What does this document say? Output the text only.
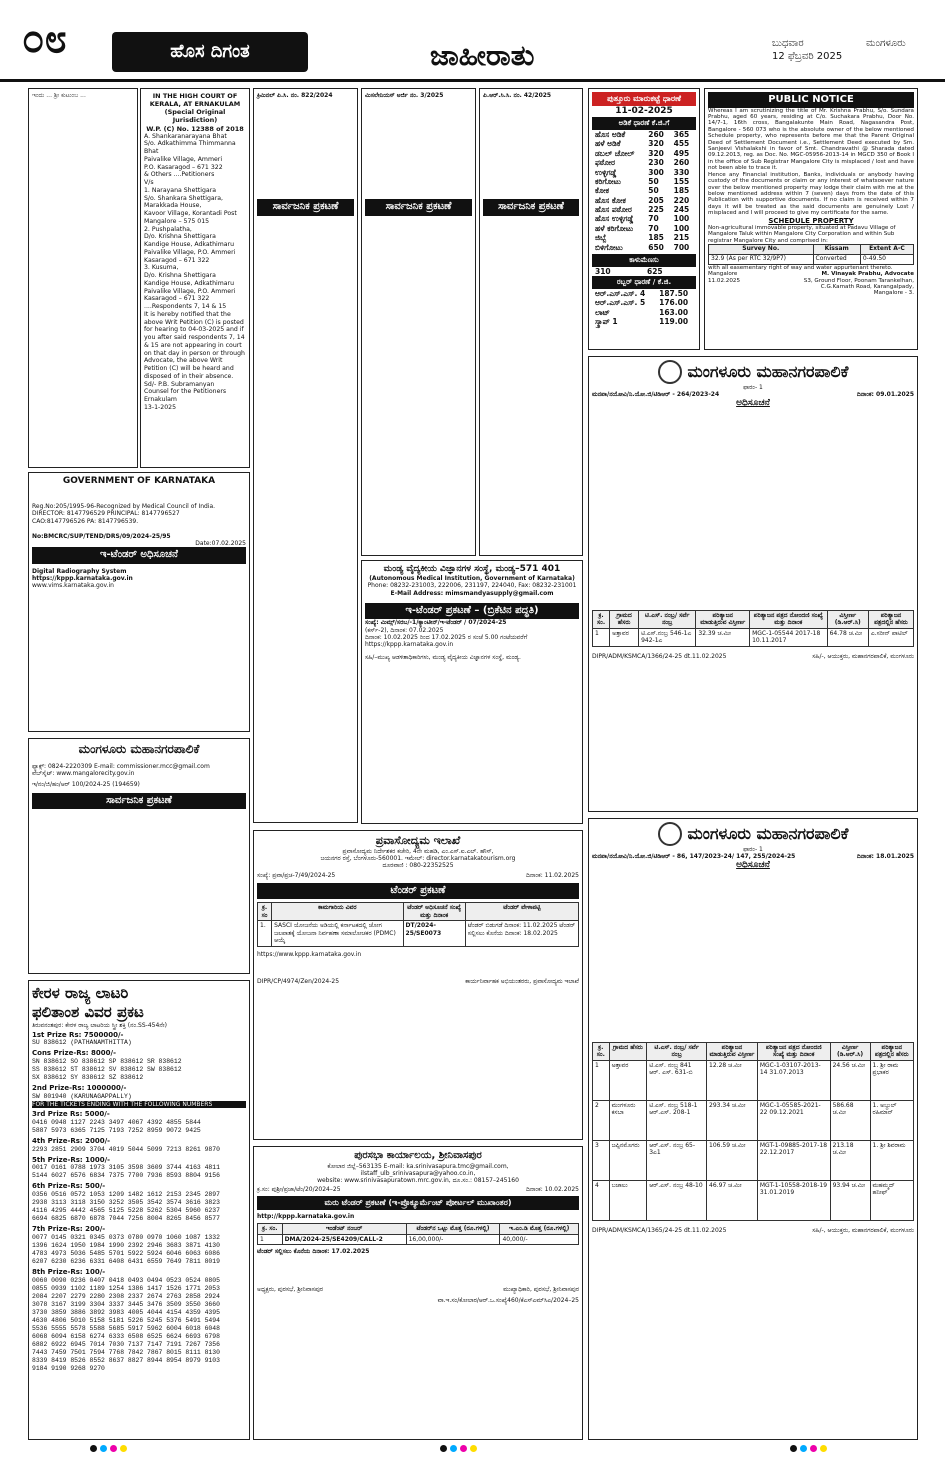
೦೮	ಹೊಸ ದಿಗಂತ	ಜಾಹೀರಾತು	ಬುಧವಾರ
12 ಫೆಬ್ರವರಿ 2025
ಮಂಗಳೂರು
ಇಂದು ... ಶ್ರೀ ಕುಟುಂಬ ...	IN THE HIGH COURT OF KERALA, AT ERNAKULAM
(Special Original Jurisdiction)
W.P. (C) No. 12388 of 2018
A. Shankaranarayana Bhat
S/o. Adkathimma Thimmanna Bhat
Paivalike Village, Ammeri
P.O. Kasaragod – 671 322
& Others ....Petitioners
V/s
1. Narayana Shettigara
S/o. Shankara Shettigara, Marakkada House,
Kavoor Village, Korantadi Post
Mangalore – 575 015
2. Pushpalatha,
D/o. Krishna Shettigara
Kandige House, Adkathimaru
Paivalike Village, P.O. Ammeri
Kasaragod – 671 322
3. Kusuma,
D/o. Krishna Shettigara
Kandige House, Adkathimaru
Paivalike Village, P.O. Ammeri
Kasaragod – 671 322
....Respondents 7, 14 & 15
It is hereby notified that the above Writ Petition (C) is posted for hearing to 04-03-2025 and if you after said respondents 7, 14 & 15 are not appearing in court on that day in person or through Advocate, the above Writ Petition (C) will be heard and disposed of in their absence.
Sd/- P.B. Subramanyan
Counsel for the Petitioners
Ernakulam
13-1-2025
GOVERNMENT OF KARNATAKA
Reg.No:205/1995-96-Recognized by Medical Council of India.
DIRECTOR: 8147796529 PRINCIPAL: 8147796527
CAO:8147796526 PA: 8147796539.
No:BMCRC/SUP/TEND/DRS/09/2024-25/95
Date:07.02.2025
ಇ-ಟೆಂಡರ್ ಅಧಿಸೂಚನೆ
Digital Radiography System
https://kppp.karnataka.gov.in
www.vims.karnataka.gov.in
ಮಂಗಳೂರು ಮಹಾನಗರಪಾಲಿಕೆ
ಫ್ಯಾಕ್ಸ್: 0824-2220309 E-mail: commissioner.mcc@gmail.com
ವೆಬ್‌ಸೈಟ್: www.mangalorecity.gov.in
ಇ/ನಂ/ಜಿ/ಹಂ/ಆರ್ 100/2024-25 (194659)
ಸಾರ್ವಜನಿಕ ಪ್ರಕಟಣೆ
ಕೇರಳ ರಾಜ್ಯ ಲಾಟರಿ
ಫಲಿತಾಂಶ ವಿವರ ಪ್ರಕಟ
ತಿರುವನಂತಪುರ: ಕೇರಳ ರಾಜ್ಯ ಲಾಟರಿಯ ಸ್ತ್ರೀ ಶಕ್ತಿ (ನಂ.SS-454ನೇ)
1st Prize Rs: 7500000/-
SU 838612 (PATHANAMTHITTA)
Cons Prize-Rs: 8000/-
SN 838612 SO 838612 SP 838612 SR 838612
SS 838612 ST 838612 SV 838612 SW 838612
SX 838612 SY 838612 SZ 838612
2nd Prize-Rs: 1000000/-
SW 801940 (KARUNAGAPPALLY)
FOR THE TICKETS ENDING WITH THE FOLLOWING NUMBERS
3rd Prize Rs: 5000/-
0416 0948 1127 2243 3497 4067 4392 4855 5844
5887 5973 6365 7125 7193 7252 8959 9072 9425
4th Prize-Rs: 2000/-
2293 2851 2909 3704 4019 5044 5099 7213 8261 9870
5th Prize-Rs: 1000/-
0017 0161 0788 1973 3105 3598 3609 3744 4163 4811
5144 6027 6576 6834 7375 7700 7936 8593 8804 9156
6th Prize-Rs: 500/-
0356 0516 0572 1053 1209 1482 1612 2153 2345 2897
2938 3113 3118 3150 3252 3505 3542 3574 3616 3823
4116 4295 4442 4565 5125 5228 5262 5304 5960 6237
6694 6825 6870 6878 7044 7256 8004 8265 8456 8577
7th Prize-Rs: 200/-
0077 0145 0321 0345 0373 0780 0970 1060 1087 1332
1396 1624 1950 1984 1990 2392 2946 3683 3871 4130
4783 4973 5036 5485 5701 5922 5924 6046 6063 6086
6207 6230 6236 6331 6408 6431 6559 7649 7811 8019
8th Prize-Rs: 100/-
0060 0090 0236 0407 0418 0493 0494 0523 0524 0805
0855 0939 1102 1189 1254 1386 1417 1526 1771 2053
2084 2207 2279 2280 2308 2337 2674 2763 2858 2924
3078 3167 3199 3304 3337 3445 3476 3509 3550 3660
3730 3859 3886 3892 3983 4005 4044 4154 4359 4395
4630 4806 5010 5158 5181 5226 5245 5376 5491 5494
5536 5555 5578 5588 5685 5917 5962 6004 6018 6048
6068 6094 6158 6274 6333 6508 6525 6624 6693 6798
6882 6922 6945 7014 7030 7137 7147 7191 7267 7356
7443 7459 7501 7594 7768 7842 7867 8015 8111 8130
8339 8419 8526 8552 8637 8827 8944 8954 8979 9103
9184 9190 9268 9270
ಕ್ರಿಮಿನಲ್ ಪಿ.ಸಿ. ನಂ. 822/2024
ಸಾರ್ವಜನಿಕ ಪ್ರಕಟಣೆ
ಮಿಸಲೇನಿಯಸ್ ಅರ್ಜಿ ನಂ. 3/2025
ಸಾರ್ವಜನಿಕ ಪ್ರಕಟಣೆ
ಪಿ.ಆರ್.ಸಿ.ಸಿ. ನಂ. 42/2025
ಸಾರ್ವಜನಿಕ ಪ್ರಕಟಣೆ
ಮಂಡ್ಯ ವೈದ್ಯಕೀಯ ವಿಜ್ಞಾನಗಳ ಸಂಸ್ಥೆ, ಮಂಡ್ಯ–571 401
(Autonomous Medical Institution, Government of Karnataka)
Phone: 08232-231003, 222006, 231197, 224040, Fax: 08232-231001
E-Mail Address: mimsmandyasupply@gmail.com
ಇ-ಟೆಂಡರ್ ಪ್ರಕಟಣೆ – (ಬ್ರಿಕೆಟಿನ ಪದ್ಧತಿ)
ಸಂಖ್ಯೆ: ಮಿಮ್ಸ್/ಸರಬ/-1/ಕ್ಯಾಂಟೀನ್/ಇ-ಟೆಂಡರ್ / 07/2024-25
(ಕರ್ಸ್-2), ದಿನಾಂಕ: 07.02.2025
ದಿನಾಂಕ: 10.02.2025 ರಿಂದ 17.02.2025 ರ ಸಂಜೆ 5.00 ಗಂಟೆಯವರೆಗೆ
https://kppp.karnataka.gov.in
ಸಹಿ/–ಮುಖ್ಯ ಆಡಳಿತಾಧಿಕಾರಿಗಳು, ಮಂಡ್ಯ ವೈದ್ಯಕೀಯ ವಿಜ್ಞಾನಗಳ ಸಂಸ್ಥೆ, ಮಂಡ್ಯ.
ಪ್ರವಾಸೋದ್ಯಮ ಇಲಾಖೆ
ಪ್ರವಾಸೋದ್ಯಮ ನಿರ್ದೇಶಕರ ಕಚೇರಿ, 4ನೇ ಮಹಡಿ, ಎಂ.ಎಸ್.ಐ.ಎಲ್. ಹೌಸ್,
ಜಯನಗರ ರಸ್ತೆ, ಬೆಂಗಳೂರು-560001. ಇಮೇಲ್: director.karnatakatourism.org
ದೂರವಾಣಿ : 080-22352525
ಸಂಖ್ಯೆ: ಪ್ರವಾ/ಪ್ರಚ-7/49/2024-25	ದಿನಾಂಕ: 11.02.2025
ಟೆಂಡರ್ ಪ್ರಕಟಣೆ
ಕ್ರ. ಸಂ	ಕಾಮಗಾರಿಯ ವಿವರ	ಟೆಂಡರ್ ಅಧಿಸೂಚನೆ ಸಂಖ್ಯೆ ಮತ್ತು ದಿನಾಂಕ	ಟೆಂಡರ್ ವೇಳಾಪಟ್ಟಿ
1.	SASCI ಯೋಜನೆಯ ಅಡಿಯಲ್ಲಿ ಕರ್ನಾಟಕದಲ್ಲಿ ಜೋಗ ಜಲಪಾತಕ್ಕೆ ಯೋಜನಾ ನಿರ್ವಹಣಾ ಸಮಾಲೋಚಕರ (PDMC) ಆಯ್ಕೆ	DT/2024-25/SE0073	ಟೆಂಡರ್ ಬಿಡುಗಡೆ ದಿನಾಂಕ: 11.02.2025 ಟೆಂಡರ್ ಸಲ್ಲಿಸಲು ಕೊನೆಯ ದಿನಾಂಕ: 18.02.2025
https://www.kppp.karnataka.gov.in
DIPR/CP/4974/Zen/2024-25	ಕಾರ್ಯನಿರ್ವಾಹಕ ಅಭಿಯಂತರರು, ಪ್ರವಾಸೋದ್ಯಮ ಇಲಾಖೆ
ಪುರಸಭಾ ಕಾರ್ಯಾಲಯ, ಶ್ರೀನಿವಾಸಪುರ
ಕೋಲಾರ ಜಿಲ್ಲೆ–563135 E-mail: ka.srinivasapura.tmc@gmail.com,
ilstaff_ulb_srinivasapura@yahoo.co.in,
website: www.srinivasapuratown.mrc.gov.in, ದೂ.ಸಂ.: 08157–245160
ಕ್ರ.ಸಂ: ಪುಶ್ರೀ/ಪ್ರಜಾ/ಟೆಂ/20/2024–25	ದಿನಾಂಕ: 10.02.2025
ಮರು ಟೆಂಡರ್ ಪ್ರಕಟಣೆ (ಇ-ಪ್ರೊಕ್ಯೂರ್ಮೆಂಟ್ ಪೋರ್ಟಲ್ ಮುಖಾಂತರ)
http://kppp.karnataka.gov.in
ಕ್ರ. ಸಂ.	ಇಂಡೆಂಟ್ ನಂಬರ್	ಟೆಂಡರ್‌ನ ಒಟ್ಟು ಮೊತ್ತ (ರೂ.ಗಳಲ್ಲಿ)	ಇ.ಎಂ.ಡಿ ಮೊತ್ತ (ರೂ.ಗಳಲ್ಲಿ)
1	DMA/2024-25/SE4209/CALL-2	16,00,000/-	40,000/-
ಟೆಂಡರ್ ಸಲ್ಲಿಸಲು ಕೊನೆಯ ದಿನಾಂಕ: 17.02.2025
ಅಧ್ಯಕ್ಷರು, ಪುರಸಭೆ, ಶ್ರೀನಿವಾಸಪುರ	ಮುಖ್ಯಾಧಿಕಾರಿ, ಪುರಸಭೆ, ಶ್ರೀನಿವಾಸಪುರ
ವಾ.ಇ.ಸಂ/ಕೋಲಾರ/ಆರ್.ಒ.ಸಂಖ್ಯೆ460/ಕೆಎಸ್‌ಎಮ್‌ಸಿಎ/2024–25
ಪುತ್ತೂರು ಮಾರುಕಟ್ಟೆ ಧಾರಣೆ
11-02-2025
ಅಡಿಕೆ ಧಾರಣೆ ಕೆ.ಜಿ.ಗೆ
ಹೊಸ ಅಡಿಕೆ	260	365
ಹಳೆ ಅಡಿಕೆ	320	455
ಡಬಲ್ ಚೋಲ್	320	495
ಫಠೋರ	230	260
ಉಳ್ಳಿಗಡ್ಡೆ	300	330
ಕರಿಗೋಟು	50	155
ಕೋಕ	50	185
ಹೊಸ ಕೋಕ	205	220
ಹೊಸ ಪಠೋರ	225	245
ಹೊಸ ಉಳ್ಳಿಗಡ್ಡೆ	70	100
ಹಳೆ ಕರಿಗೋಟು	70	100
ಜಿಬ್ಬೆ	185	215
ಬಿಳಿಗೋಟು	650	700
ಕಾಳುಮೆಣಸು
310	625
ರಬ್ಬರ್ ಧಾರಣೆ / ಕೆ.ಜಿ.
ಆರ್.ಎಸ್.ಎಸ್. 4	187.50
ಆರ್.ಎಸ್.ಎಸ್. 5	176.00
ಲಾಟ್	163.00
ಸ್ಕ್ರಾಪ್ 1	119.00
PUBLIC NOTICE
Whereas I am scrutinizing the title of Mr. Krishna Prabhu, S/o. Sundara Prabhu, aged 60 years, residing at C/o. Suchakara Prabhu, Door No. 14/7-1, 16th cross, Bangalakunte Main Road, Nagasandra Post, Bangalore - 560 073 who is the absolute owner of the below mentioned Schedule property, who represents before me that the Parent Original Deed of Settlement Document i.e., Settlement Deed executed by Sm. Sanjeevi Vishalakshi in favor of Smt. Chandravathi @ Sharada dated 09.12.2013, reg. as Doc. No. MGC-05956-2013-14 in MGCD 350 of Book I in the office of Sub Registrar Mangalore City is misplaced / lost and have not been able to trace it.
Hence any Financial institution, Banks, individuals or anybody having custody of the documents or claim or any interest of whatsoever nature over the below mentioned property may lodge their claim with me at the below mentioned address within 7 (seven) days from the date of this Publication with supportive documents. If no claim is received within 7 days it will be treated as the said documents are genuinely Lost / misplaced and I will proceed to give my certificate for the same.
SCHEDULE PROPERTY
Non-agricultural immovable property, situated at Padavu Village of Mangalore Taluk within Mangalore City Corporation and within Sub registrar Mangalore City and comprised in:
Survey No.	Kissam	Extent A-C
32.9 (As per RTC 32/9P7)	Converted	0-49.50
with all easementary right of way and water appurtenant thereto.
Mangalore
11.02.2025
M. Vinayak Prabhu, Advocate
S3, Ground Floor, Poonam Tarankelhan, C.G.Kamath Road, Karangalpady, Mangalore - 3.
ಮಂಗಳೂರು ಮಹಾನಗರಪಾಲಿಕೆ
ಫಾರಂ- 1
ಮನಪಾ/ನಯೋವಿ/ನಿ.ಯೋ.ಜಿ/ಟಿಡಿಆರ್ - 264/2023-24	ದಿನಾಂಕ: 09.01.2025
ಅಧಿಸೂಚನೆ
ಕ್ರ. ಸಂ.	ಗ್ರಾಮದ ಹೆಸರು	ಟಿ.ಎಸ್. ನಂಬ್ರ/ ಸರ್ವೆ ನಂಬ್ರ	ಪರಿತ್ಯಾಜನ ಮಾಡುತ್ತಿರುವ ವಿಸ್ತೀರ್ಣ	ಪರಿತ್ಯಾಜನ ಪತ್ರದ ನೋಂದಣಿ ಸಂಖ್ಯೆ ಮತ್ತು ದಿನಾಂಕ	ವಿಸ್ತೀರ್ಣ (ಡಿ.ಆರ್.ಸಿ)	ಪರಿತ್ಯಾಜನ ಪತ್ರದಲ್ಲಿನ ಹೆಸರು
1	ಅತ್ತಾವರ	ಟಿ.ಎಸ್.ನಂಬ್ರ 546-1ಎ 942-1ಎ	32.39 ಚ.ಮೀ	MGC-1-05544 2017-18 10.11.2017	64.78 ಚ.ಮೀ	ಎ.ಸರೀನ್ ಪಾಟಿಲ್
DIPR/ADM/KSMCA/1366/24-25 dt.11.02.2025	ಸಹಿ/-, ಆಯುಕ್ತರು, ಮಹಾನಗರಪಾಲಿಕೆ, ಮಂಗಳೂರು
ಮಂಗಳೂರು ಮಹಾನಗರಪಾಲಿಕೆ
ಫಾರಂ- 1
ಮನಪಾ/ನಯೋವಿ/ನಿ.ಯೋ.ಜಿ/ಟಿಡಿಆರ್ - 86, 147/2023-24/ 147, 255/2024-25	ದಿನಾಂಕ: 18.01.2025
ಅಧಿಸೂಚನೆ
ಕ್ರ. ಸಂ.	ಗ್ರಾಮದ ಹೆಸರು	ಟಿ.ಎಸ್. ನಂಬ್ರ/ ಸರ್ವೆ ನಂಬ್ರ	ಪರಿತ್ಯಾಜನ ಮಾಡುತ್ತಿರುವ ವಿಸ್ತೀರ್ಣ	ಪರಿತ್ಯಾಜನ ಪತ್ರದ ನೋಂದಣಿ ಸಂಖ್ಯೆ ಮತ್ತು ದಿನಾಂಕ	ವಿಸ್ತೀರ್ಣ (ಡಿ.ಆರ್.ಸಿ)	ಪರಿತ್ಯಾಜನ ಪತ್ರದಲ್ಲಿನ ಹೆಸರು
1	ಅತ್ತಾವರ	ಟಿ.ಎಸ್. ನಂಬ್ರ 841 ಆರ್. ಎಸ್. 631-ಬಿ	12.28 ಚ.ಮೀ	MGC-1-03107-2013-14 31.07.2013	24.56 ಚ.ಮೀ	1. ಶ್ರೀ ರಾಮ ಪ್ರಭಾಕರ
2	ಮಂಗಳೂರು ಕಸಬಾ	ಟಿ.ಎಸ್. ನಂಬ್ರ 518-1 ಆರ್.ಎಸ್. 208-1	293.34 ಚ.ಮೀ	MGC-1-05585-2021-22 09.12.2021	586.68 ಚ.ಮೀ	1. ಅಬ್ದುಲ್ ರಹಿಮಾನ್
3	ಜಪ್ಪಿನಮೊಗರು	ಆರ್.ಎಸ್. ನಂಬ್ರ 65-3ಎ1	106.59 ಚ.ಮೀ	MGT-1-09885-2017-18 22.12.2017	213.18 ಚ.ಮೀ	1. ಶ್ರೀ ಶಿವರಾಮ
4	ಬಜಾಲು	ಆರ್.ಎಸ್. ನಂಬ್ರ 48-10	46.97 ಚ.ಮೀ	MGT-1-10558-2018-19 31.01.2019	93.94 ಚ.ಮೀ	ಮಹಮ್ಮದ್ ಹನೀಫ್
DIPR/ADM/KSMCA/1365/24-25 dt.11.02.2025	ಸಹಿ/-, ಆಯುಕ್ತರು, ಮಹಾನಗರಪಾಲಿಕೆ, ಮಂಗಳೂರು
